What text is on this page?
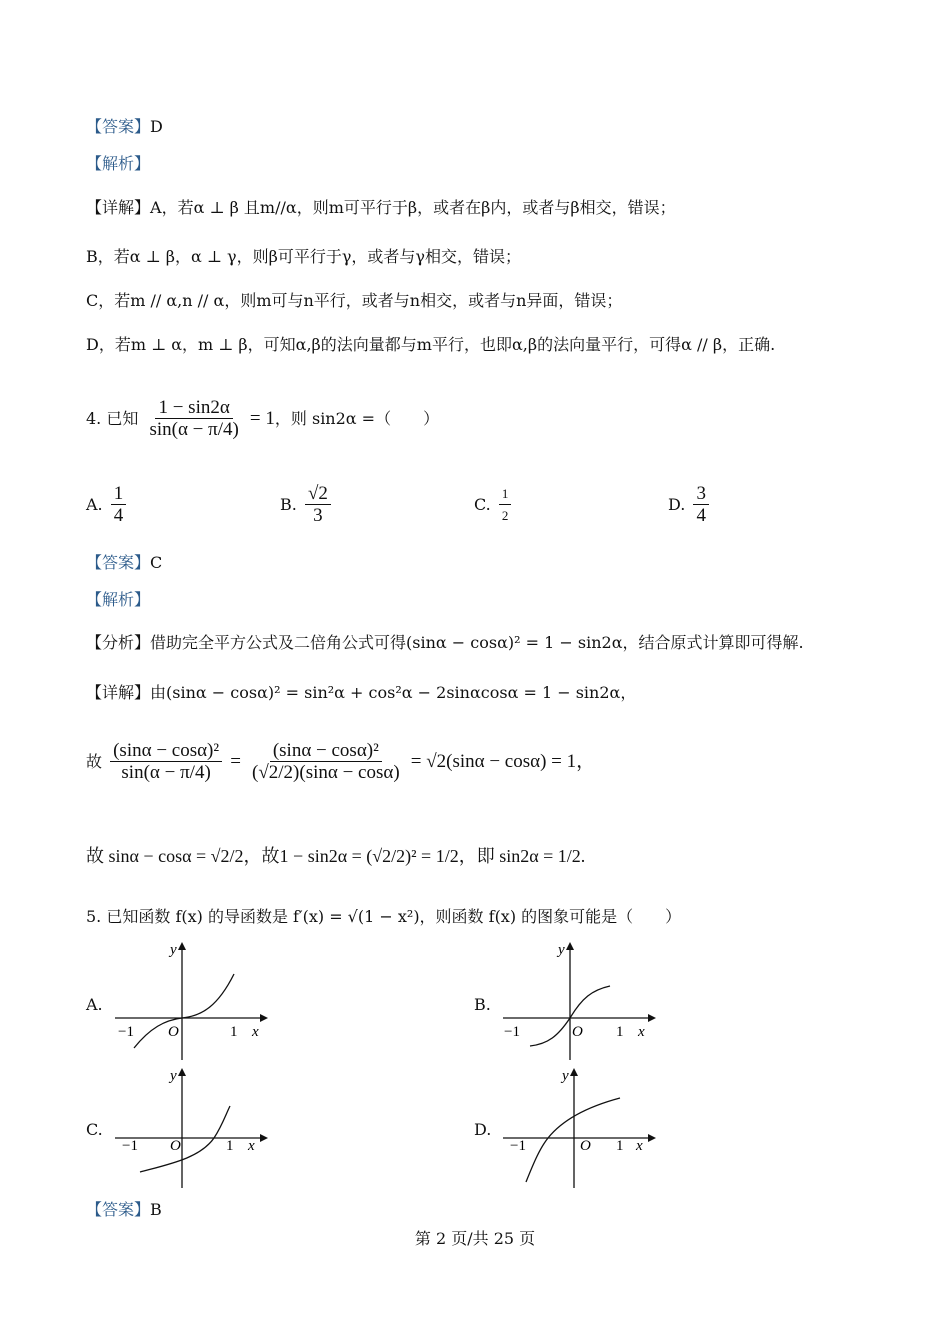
【答案】D
【解析】
【详解】A，若α ⊥ β 且m//α，则m可平行于β，或者在β内，或者与β相交，错误；
B，若α ⊥ β，α ⊥ γ，则β可平行于γ，或者与γ相交，错误；
C，若m // α,n // α，则m可与n平行，或者与n相交，或者与n异面，错误；
D，若m ⊥ α，m ⊥ β，可知α,β的法向量都与m平行，也即α,β的法向量平行，可得α // β，正确.
4. 已知 $\frac{1 - \sin 2\alpha}{\sin(\alpha - \pi/4)} = 1$，则 sin2α =（　　）
A. $\frac{1}{4}$	B. $\frac{√2}{3}$	C. $\frac{1}{2}$	D. $\frac{3}{4}$
【答案】C
【解析】
【分析】借助完全平方公式及二倍角公式可得(sinα − cosα)² = 1 − sin2α，结合原式计算即可得解.
【详解】由(sinα − cosα)² = sin²α + cos²α − 2sinαcosα = 1 − sin2α，
故 $\frac{\text{(sinα − cosα)²}}{\sin(\alpha - \pi/4)} = \frac{\text{(sinα − cosα)²}}{(√2/2)(\sin\alpha - \cos\alpha)} = √2(\sin\alpha - \cos\alpha) = 1$，
故 sinα − cosα = √2/2，故1 − sin2α = (√2/2)² = 1/2，即 sin2α = 1/2.
5. 已知函数 f(x) 的导函数是 f′(x) = √(1 − x²)，则函数 f(x) 的图象可能是（　　）
A.	B.
C.	D.
y
x
O
−1	1
y
x
O
−1	1
y
x
O
−1	1
y
x
O
−1	1
【答案】B
第 2 页/共 25 页
